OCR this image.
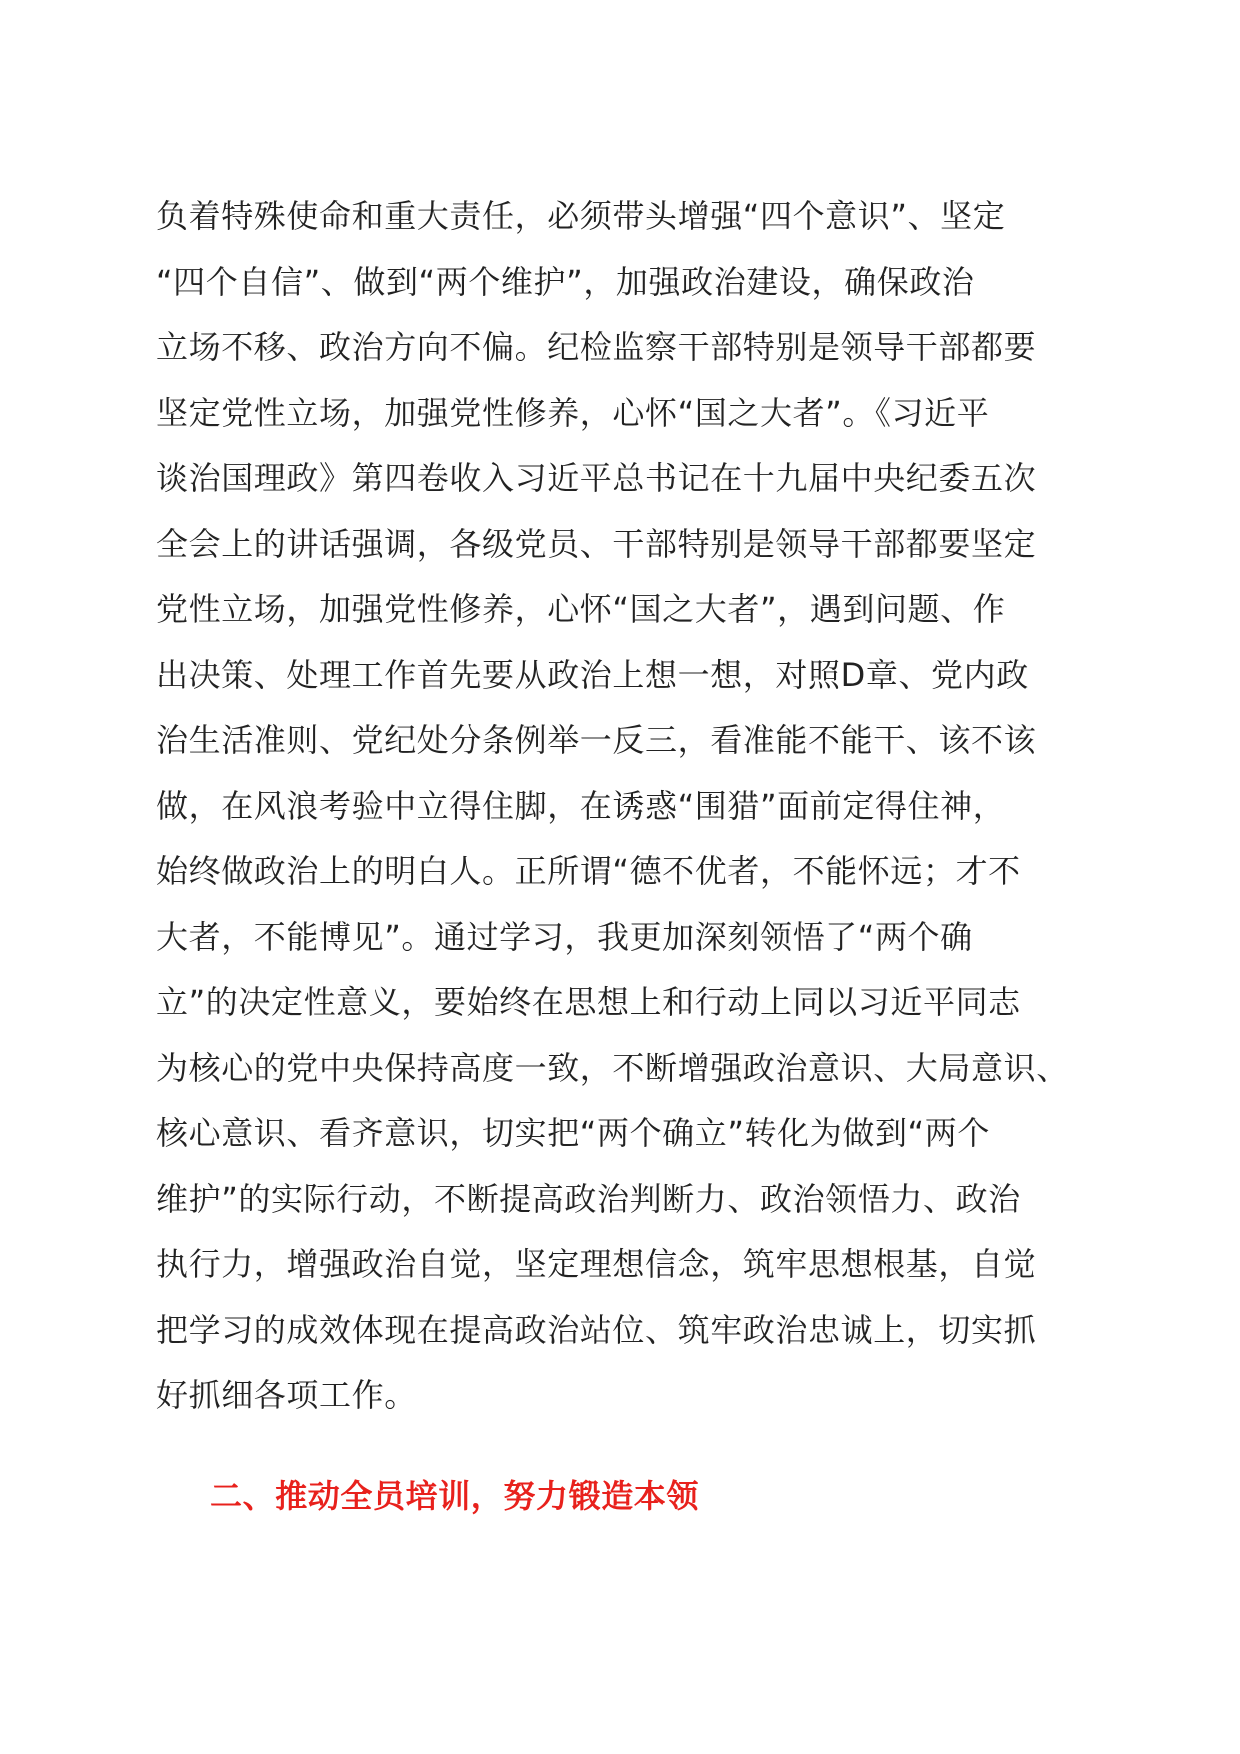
负着特殊使命和重大责任，必须带头增强“四个意识”、坚定
“四个自信”、做到“两个维护”，加强政治建设，确保政治
立场不移、政治方向不偏。纪检监察干部特别是领导干部都要
坚定党性立场，加强党性修养，心怀“国之大者”。《习近平
谈治国理政》第四卷收入习近平总书记在十九届中央纪委五次
全会上的讲话强调，各级党员、干部特别是领导干部都要坚定
党性立场，加强党性修养，心怀“国之大者”，遇到问题、作
出决策、处理工作首先要从政治上想一想，对照D章、党内政
治生活准则、党纪处分条例举一反三，看准能不能干、该不该
做，在风浪考验中立得住脚，在诱惑“围猎”面前定得住神，
始终做政治上的明白人。正所谓“德不优者，不能怀远；才不
大者，不能博见”。通过学习，我更加深刻领悟了“两个确
立”的决定性意义，要始终在思想上和行动上同以习近平同志
为核心的党中央保持高度一致，不断增强政治意识、大局意识、
核心意识、看齐意识，切实把“两个确立”转化为做到“两个
维护”的实际行动，不断提高政治判断力、政治领悟力、政治
执行力，增强政治自觉，坚定理想信念，筑牢思想根基，自觉
把学习的成效体现在提高政治站位、筑牢政治忠诚上，切实抓
好抓细各项工作。
二、推动全员培训，努力锻造本领
